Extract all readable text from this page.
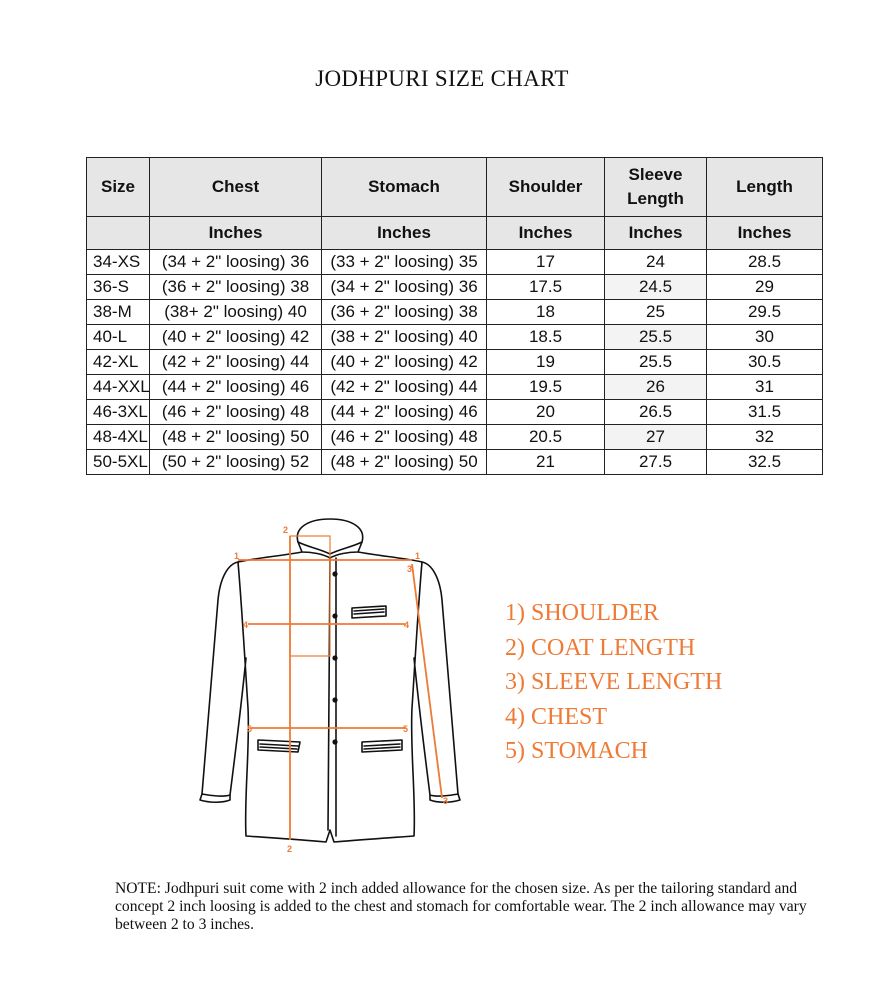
JODHPURI SIZE CHART
Size	Chest	Stomach	Shoulder	Sleeve Length	Length
	Inches	Inches	Inches	Inches	Inches
34-XS	(34 + 2" loosing) 36	(33 + 2" loosing) 35	17	24	28.5
36-S	(36 + 2" loosing) 38	(34 + 2" loosing) 36	17.5	24.5	29
38-M	(38+ 2" loosing) 40	(36 + 2" loosing) 38	18	25	29.5
40-L	(40 + 2" loosing) 42	(38 + 2" loosing) 40	18.5	25.5	30
42-XL	(42 + 2" loosing) 44	(40 + 2" loosing) 42	19	25.5	30.5
44-XXL	(44 + 2" loosing) 46	(42 + 2" loosing) 44	19.5	26	31
46-3XL	(46 + 2" loosing) 48	(44 + 2" loosing) 46	20	26.5	31.5
48-4XL	(48 + 2" loosing) 50	(46 + 2" loosing) 48	20.5	27	32
50-5XL	(50 + 2" loosing) 52	(48 + 2" loosing) 50	21	27.5	32.5
1	1
2
2
3
3
4	4
5	5
1) SHOULDER
2) COAT LENGTH
3) SLEEVE LENGTH
4) CHEST
5) STOMACH
NOTE: Jodhpuri suit come with 2 inch added allowance for the chosen size. As per the tailoring standard and concept 2 inch loosing is added to the chest and stomach for comfortable wear. The 2 inch allowance may vary between 2 to 3 inches.
